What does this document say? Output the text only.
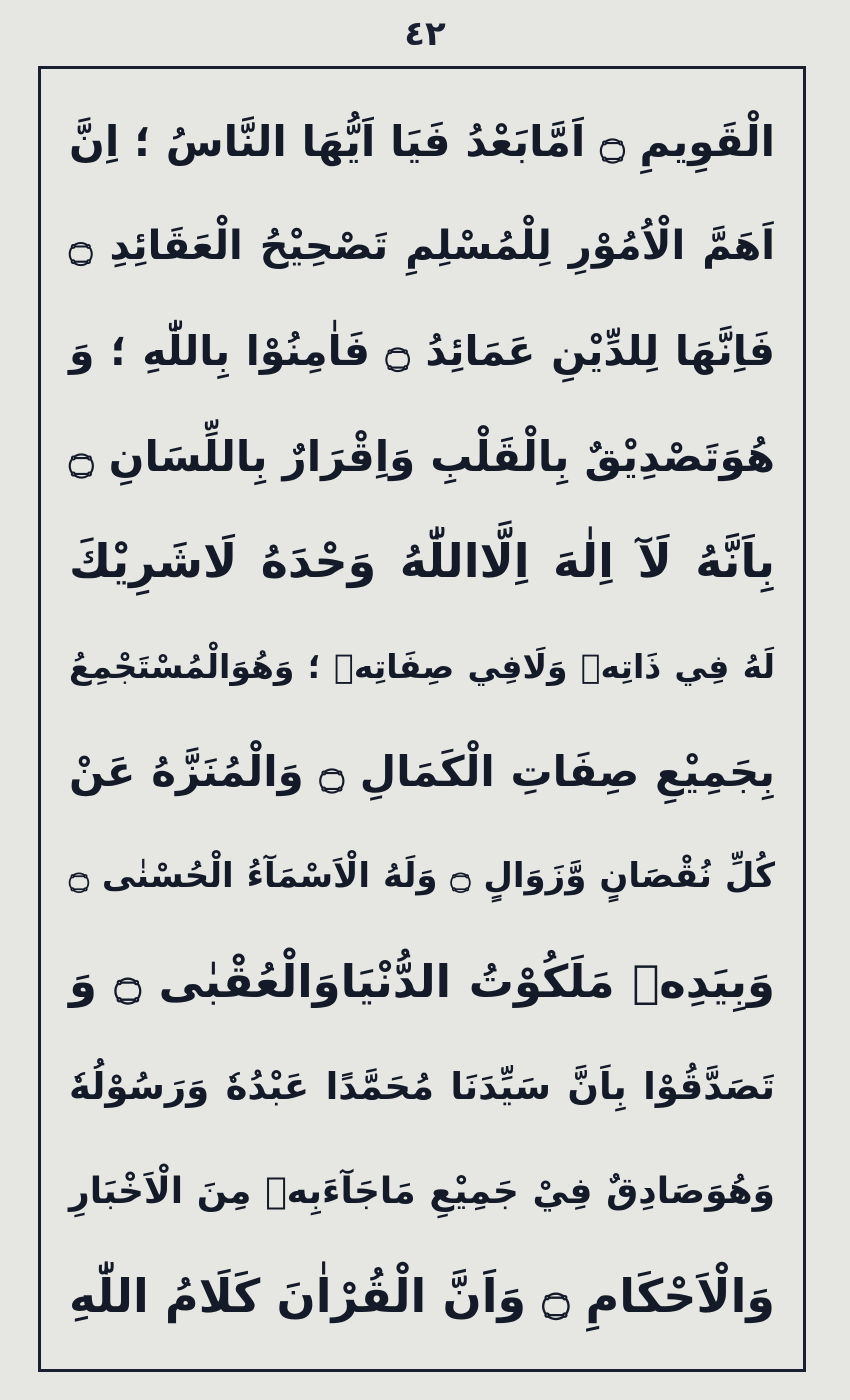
٤٢
الْقَوِيمِ ۝ اَمَّابَعْدُ فَيَا اَيُّهَا النَّاسُ ؛ اِنَّ
اَهَمَّ الْاُمُوْرِ لِلْمُسْلِمِ تَصْحِيْحُ الْعَقَائِدِ ۝
فَاِنَّهَا لِلدِّيْنِ عَمَائِدُ ۝ فَاٰمِنُوْا بِاللّٰهِ ؛ وَ
هُوَتَصْدِيْقٌ بِالْقَلْبِ وَاِقْرَارٌ بِاللِّسَانِ ۝
بِاَنَّهُ لَآ اِلٰهَ اِلَّااللّٰهُ وَحْدَهُ لَاشَرِيْكَ
لَهُ فِي ذَاتِهٖ وَلَافِي صِفَاتِهٖ ؛ وَهُوَالْمُسْتَجْمِعُ
بِجَمِيْعِ صِفَاتِ الْكَمَالِ ۝ وَالْمُنَزَّهُ عَنْ
كُلِّ نُقْصَانٍ وَّزَوَالٍ ۝ وَلَهُ الْاَسْمَآءُ الْحُسْنٰى ۝
وَبِيَدِهٖ مَلَكُوْتُ الدُّنْيَاوَالْعُقْبٰى ۝ وَ
تَصَدَّقُوْا بِاَنَّ سَيِّدَنَا مُحَمَّدًا عَبْدُهٗ وَرَسُوْلُهٗ
وَهُوَصَادِقٌ فِيْ جَمِيْعِ مَاجَآءَبِهٖ مِنَ الْاَخْبَارِ
وَالْاَحْكَامِ ۝ وَاَنَّ الْقُرْاٰنَ كَلَامُ اللّٰهِ
